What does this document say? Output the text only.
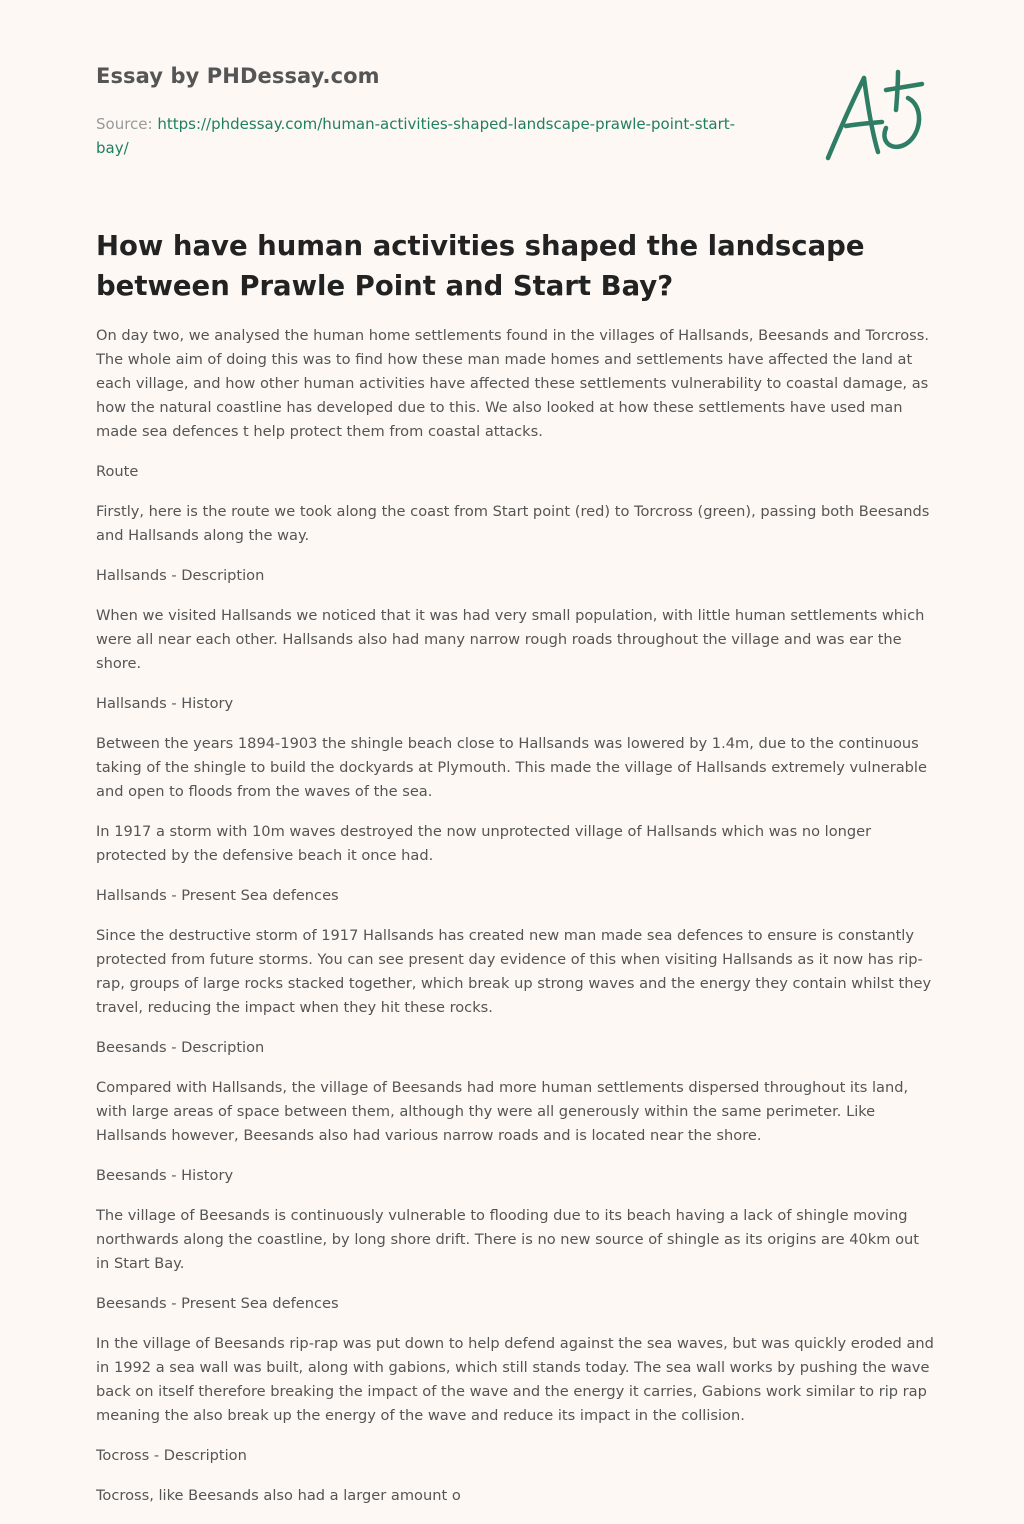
Essay by PHDessay.com
Source: https://phdessay.com/human-activities-shaped-landscape-prawle-point-start-
bay/
How have human activities shaped the landscape between Prawle Point and Start Bay?

On day two, we analysed the human home settlements found in the villages of Hallsands, Beesands and Torcross. The whole aim of doing this was to find how these man made homes and settlements have affected the land at each village, and how other human activities have affected these settlements vulnerability to coastal damage, as how the natural coastline has developed due to this. We also looked at how these settlements have used man made sea defences t help protect them from coastal attacks.

Route

Firstly, here is the route we took along the coast from Start point (red) to Torcross (green), passing both Beesands and Hallsands along the way.

Hallsands - Description

When we visited Hallsands we noticed that it was had very small population, with little human settlements which were all near each other. Hallsands also had many narrow rough roads throughout the village and was ear the shore.

Hallsands - History

Between the years 1894-1903 the shingle beach close to Hallsands was lowered by 1.4m, due to the continuous taking of the shingle to build the dockyards at Plymouth. This made the village of Hallsands extremely vulnerable and open to floods from the waves of the sea.

In 1917 a storm with 10m waves destroyed the now unprotected village of Hallsands which was no longer protected by the defensive beach it once had.

Hallsands - Present Sea defences

Since the destructive storm of 1917 Hallsands has created new man made sea defences to ensure is constantly protected from future storms. You can see present day evidence of this when visiting Hallsands as it now has rip-rap, groups of large rocks stacked together, which break up strong waves and the energy they contain whilst they travel, reducing the impact when they hit these rocks.

Beesands - Description

Compared with Hallsands, the village of Beesands had more human settlements dispersed throughout its land, with large areas of space between them, although thy were all generously within the same perimeter. Like Hallsands however, Beesands also had various narrow roads and is located near the shore.

Beesands - History

The village of Beesands is continuously vulnerable to flooding due to its beach having a lack of shingle moving northwards along the coastline, by long shore drift. There is no new source of shingle as its origins are 40km out in Start Bay.

Beesands - Present Sea defences

In the village of Beesands rip-rap was put down to help defend against the sea waves, but was quickly eroded and in 1992 a sea wall was built, along with gabions, which still stands today. The sea wall works by pushing the wave back on itself therefore breaking the impact of the wave and the energy it carries, Gabions work similar to rip rap meaning the also break up the energy of the wave and reduce its impact in the collision.

Tocross - Description

Tocross, like Beesands also had a larger amount o
